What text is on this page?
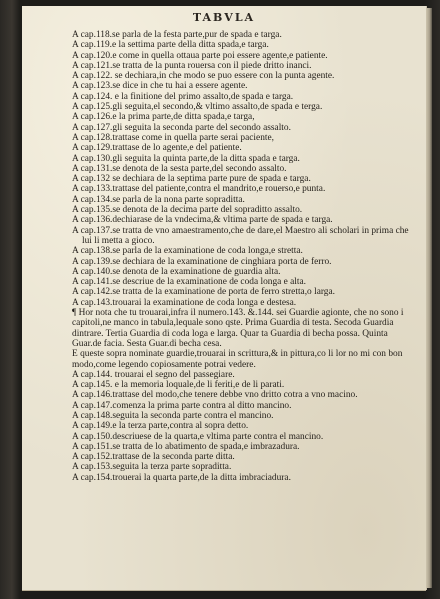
TABVLA
A cap.118.se parla de la festa parte,pur de spada e targa.
A cap.119.e la settima parte della ditta spada,e targa.
A cap.120.e come in quella ottaua parte poi essere agente,e patiente.
A cap.121.se tratta de la punta rouersa con il piede dritto inanci.
A cap.122. se dechiara,in che modo se puo essere con la punta agente.
A cap.123.se dice in che tu hai a essere agente.
A cap.124. e la finitione del primo assalto,de spada e targa.
A cap.125.gli seguita,el secondo,& vltimo assalto,de spada e terga.
A cap.126.e la prima parte,de ditta spada,e targa,
A cap.127.gli seguita la seconda parte del secondo assalto.
A cap.128.trattase come in quella parte serai paciente,
A cap.129.trattase de lo agente,e del patiente.
A cap.130.gli seguita la quinta parte,de la ditta spada e targa.
A cap.131.se denota de la sesta parte,del secondo assalto.
A cap.132 se dechiara de la septima parte pure de spada e targa.
A cap.133.trattase del patiente,contra el mandrito,e rouerso,e punta.
A cap.134.se parla de la nona parte sopraditta.
A cap.135.se denota de la decima parte del sopraditto assalto.
A cap.136.dechiarase de la vndecima,& vltima parte de spada e targa.
A cap.137.se tratta de vno amaestramento,che de dare,el Maestro ali scholari in prima che lui li metta a gioco.
A cap.138.se parla de la examinatione de coda longa,e stretta.
A cap.139.se dechiara de la examinatione de cinghiara porta de ferro.
A cap.140.se denota de la examinatione de guardia alta.
A cap.141.se descriue de la examinatione de coda longa e alta.
A cap.142.se tratta de la examinatione de porta de ferro stretta,o larga.
A cap.143.trouarai la examinatione de coda longa e destesa.
¶ Hor nota che tu trouarai,infra il numero.143. &.144. sei Guardie agionte, che no sono i capitoli,ne manco in tabula,lequale sono qste. Prima Guardia di testa. Secoda Guardia dintrare. Tertia Guardia di coda loga e larga. Quar ta Guardia di becha possa. Quinta Guar.de facia. Sesta Guar.di becha cesa.
E queste sopra nominate guardie,trouarai in scrittura,& in pittura,co li lor no mi con bon modo,come legendo copiosamente potrai vedere.
A cap.144. trouarai el segno del passegiare.
A cap.145. e la memoria loquale,de li feriti,e de li parati.
A cap.146.trattase del modo,che tenere debbe vno dritto cotra a vno macino.
A cap.147.comenza la prima parte contra al ditto mancino.
A cap.148.seguita la seconda parte contra el mancino.
A cap.149.e la terza parte,contra al sopra detto.
A cap.150.descriuese de la quarta,e vltima parte contra el mancino.
A cap.151.se tratta de lo abatimento de spada,e imbrazadura.
A cap.152.trattase de la seconda parte ditta.
A cap.153.seguita la terza parte sopraditta.
A cap.154.trouerai la quarta parte,de la ditta imbraciadura.
